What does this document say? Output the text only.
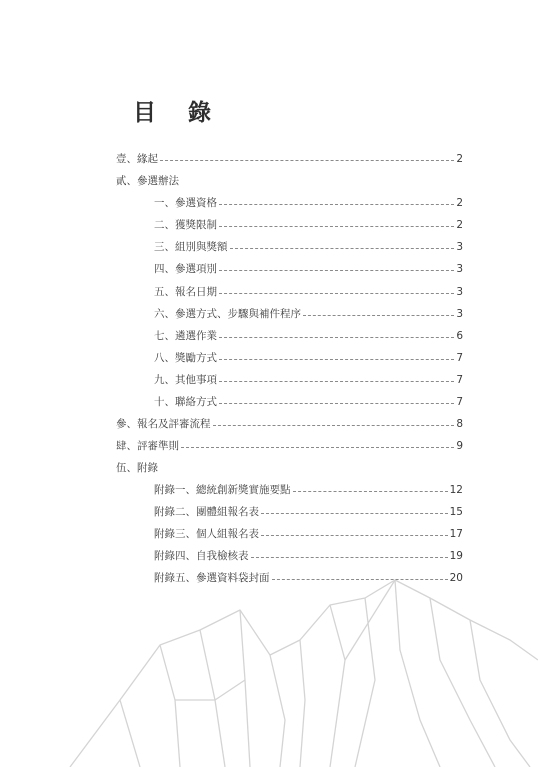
目 錄
壹、緣起	2
貳、參選辦法
一、參選資格	2
二、獲獎限制	2
三、組別與獎額	3
四、參選項別	3
五、報名日期	3
六、參選方式、步驟與補件程序	3
七、遴選作業	6
八、獎勵方式	7
九、其他事項	7
十、聯絡方式	7
參、報名及評審流程	8
肆、評審準則	9
伍、附錄
附錄一、總統創新獎實施要點	12
附錄二、團體組報名表	15
附錄三、個人組報名表	17
附錄四、自我檢核表	19
附錄五、參選資料袋封面	20
